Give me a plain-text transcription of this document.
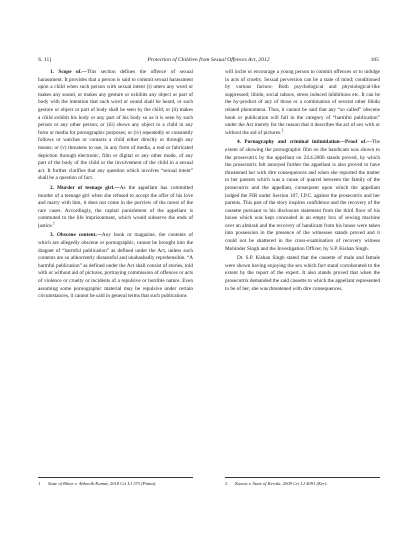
S. 11]	Protection of Children from Sexual Offences Act, 2012	105

1. Scope of.—This section defines the offence of sexual harassment. It provides that a person is said to commit sexual harassment upon a child when such person with sexual intent (i) utters any word or makes any sound, or makes any gesture or exhibits any object or part of body with the intention that such word or sound shall be heard, or such gesture or object or part of body shall be seen by the child; or (ii) makes a child exhibit his body or any part of his body so as it is seen by such person or any other person; or (iii) shows any object to a child in any form or media for pornographic purposes; or (iv) repeatedly or constantly follows or watches or contacts a child either directly or through any means; or (v) threatens to use, in any form of media, a real or fabricated depiction through electronic, film or digital or any other mode, of any part of the body of the child or the involvement of the child in a sexual act. It further clarifies that any question which involves “sexual intent” shall be a question of fact.

2. Murder of teenage girl.—As the appellant has committed murder of a teenage girl when she refused to accept the offer of his love and marry with him, it does not come in the purview of the rarest of the rare cases. Accordingly, the capital punishment of the appellant is commuted to the life imprisonment, which would subserve the ends of justice.$^1$

3. Obscene content.—Any book or magazine, the contents of which are allegedly obscene or pornographic, cannot be brought into the dragnet of “harmful publication” as defined under the Act, unless such contents are so abhorrently distasteful and unabashedly reprehensible. “A harmful publication” as defined under the Act shall consist of stories, told with or without aid of pictures, portraying commission of offences or acts of violence or cruelty or incidents of a repulsive or horrible nature. Even assuming some pornographic material may be repulsive under certain circumstances, it cannot be said in general terms that such publications

will incite or encourage a young person to commit offences or to indulge in acts of cruelty. Sexual perversion can be a state of mind; conditioned by various factors- Both psychological and physiological-like suppressed; libido, social taboos, stress induced inhibitions etc. It can be the by-product of any of those or a combination of several other libido related phenomena. Thus, it cannot be said that any “so called” obscene book or publication will fall in the category of “harmful publication” under the Act merely for the reason that it describes the act of sex with or without the aid of pictures.$^2$

4. Pornography and criminal intimidation—Proof of.—The extent of showing the pornographic film on the handicam was shown to the prosecutrix by the appellant on 24.4.2006 stands proved, by which the prosecutrix felt annoyed further the appellant is also proved to have threatened her with dire consequences and when she reported the matter to her parents which was a cause of quarrel between the family of the prosecutrix and the appellant, consequent upon which the appellant lodged the FIR under Section 107, I.P.C. against the prosecutrix and her parents. This part of the story inspires confidence and the recovery of the cassette pursuant to his disclosure statement from the third floor of his house which was kept concealed in an empty box of sewing machine over an almirah and the recovery of handicam from his house were taken into possession in the presence of the witnesses stands proved and it could not be shattered in the cross-examination of recovery witness Mohinder Singh and the Investigation Officer, by S.P. Kishan Singh.

Dr. S.P. Kishan Singh stated that the cassette of male and female were shown having enjoying the sex which fact stand corroborated to the extent by the report of the expert. It also stands proved that when the prosecutrix demanded the said cassette to which the appellant represented to be of her, she was threatened with dire consequences.

1 State of Bihar v. Abhoolh Kumar, 2018 Cri LJ 373 (Patna).	2 Kaswa v. State of Kerala, 2009 Cri LJ 4091 (Ker).
